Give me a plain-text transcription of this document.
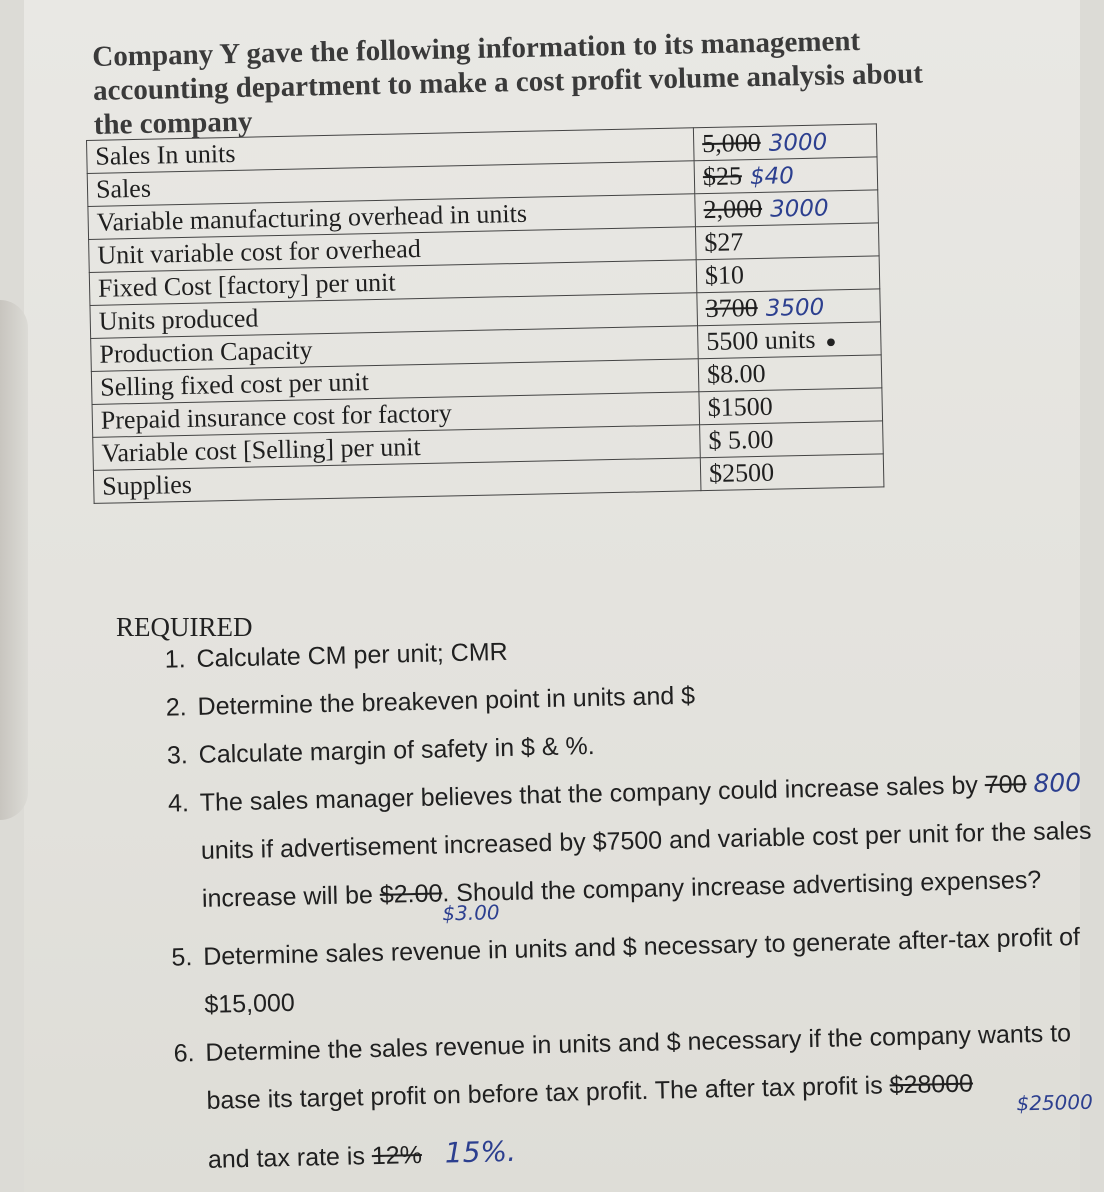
Company Y gave the following information to its management accounting department to make a cost profit volume analysis about the company
Sales In units	5,000 3000
Sales	$25 $40
Variable manufacturing overhead in units	2,000 3000
Unit variable cost for overhead	$27
Fixed Cost [factory] per unit	$10
Units produced	3700 3500
Production Capacity	5500 units ●
Selling fixed cost per unit	$8.00
Prepaid insurance cost for factory	$1500
Variable cost [Selling] per unit	$ 5.00
Supplies	$2500
REQUIRED
1. Calculate CM per unit; CMR
2. Determine the breakeven point in units and $
3. Calculate margin of safety in $ & %.
4. The sales manager believes that the company could increase sales by 700 800 units if advertisement increased by $7500 and variable cost per unit for the sales increase will be $2.00. Should the company increase advertising expenses?
$3.00
5. Determine sales revenue in units and $ necessary to generate after-tax profit of $15,000
6. Determine the sales revenue in units and $ necessary if the company wants to base its target profit on before tax profit. The after tax profit is $28000
$25000
and tax rate is 12% 15%.
